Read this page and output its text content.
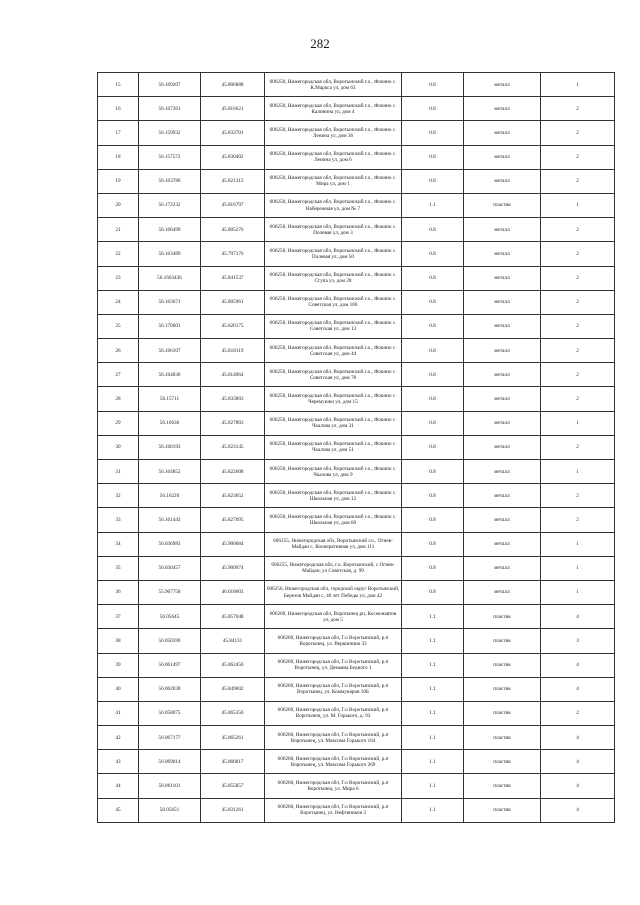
282
15	56.169207	45.806888	606250, Нижегородская обл, Воротынский г.о., Фокино с. К.Маркса ул, дом 63	0.8	металл	1
16	56.167261	45.816621	606250, Нижегородская обл, Воротынский г.о., Фокино с. Калинина ул, дом 4	0.8	металл	2
17	56.159932	45.833701	606250, Нижегородская обл, Воротынский г.о., Фокино с. Ленина ул, дом 36	0.8	металл	2
18	56.157572	45.830402	606250, Нижегородская обл, Воротынский г.о., Фокино с. Ленина ул, дом 6	0.8	металл	2
19	56.163786	45.821312	606250, Нижегородская обл, Воротынский г.о., Фокино с. Мира ул, дом 1	0.8	металл	2
20	56.172232	45.816797	606250, Нижегородская обл, Воротынский г.о., Фокино с. Набережная ул, дом № 7	1.1	пластик	1
21	56.166499	45.805276	606250, Нижегородская обл, Воротынский г.о., Фокино с. Полевая ул, дом 3	0.8	металл	2
22	56.163489	45.797176	606250, Нижегородская обл, Воротынский г.о., Фокино с. Полевая ул, дом 50	0.8	металл	2
23	56.1663436	45.841537	606250, Нижегородская обл, Воротынский г.о., Фокино с. Сгупа ул, дом 28	0.8	металл	2
24	56.163671	45.805961	606250, Нижегородская обл, Воротынский г.о., Фокино с. Советская ул, дом 106	0.8	металл	2
25	56.170601	45.820175	606250, Нижегородская обл, Воротынский г.о., Фокино с. Советская ул, дом 13	0.8	металл	2
26	56.166107	45.818119	606250, Нижегородская обл, Воротынский г.о., Фокино с. Советская ул, дом 44	0.8	металл	2
27	56.164036	45.814064	606250, Нижегородская обл, Воротынский г.о., Фокино с. Советская ул, дом 78	0.8	металл	2
28	56.15711	45.833003	606250, Нижегородская обл, Воротынский г.о., Фокино с. Черемушки ул, дом 15	0.8	металл	2
29	56.16636	45.827803	606250, Нижегородская обл, Воротынский г.о., Фокино с. Чкалова ул, дом 31	0.8	металл	1
30	56.168193	45.823145	606250, Нижегородская обл, Воротынский г.о., Фокино с. Чкалова ул, дом 51	0.8	металл	2
31	56.164852	45.822008	606250, Нижегородская обл, Воротынский г.о., Фокино с. Чкалова ул, дом 9	0.8	металл	1
32	56.16226	45.823652	606250, Нижегородская обл, Воротынский г.о., Фокино с. Школьная ул, дом 12	0.8	металл	2
33	56.161443	45.827095	606250, Нижегородская обл, Воротынский г.о., Фокино с. Школьная ул, дом 60	0.8	металл	2
34	56.036983	45.900684	606255, Нижегородская обл, Воротынский г.о., Огнев-Майдан с, Кооперативная ул, дом 111	0.8	металл	1
35	56.030457	45.900074	606255, Нижегородская обл, г.о. Воротынский, с Огнев-Майдан, ул Советская, д. 99	0.8	металл	1
36	55.967758	46.018603	606256, Нижегородская обл, городской округ Воротынский, Березов Майдан с, 40 лет Победы ул, дом 42	0.8	металл	1
37	56.05645	45.857048	606260, Нижегородская обл, Воротынец рп, Космонавтов ул, дом 5	1.1	пластик	4
38	56.050596	45.84131	606260, Нижегородская обл, Г.о Воротынский, р.п Воротынец, ул. Вершинина 33	1.1	пластик	3
39	56.061497	45.862456	606260, Нижегородская обл, Г.о Воротынский, р.п Воротынец, ул. Демьяна Бедного 1	1.1	пластик	4
40	56.062038	45.849602	606260, Нижегородская обл, Г.о Воротынский, р.п Воротынец, ул. Коммунаров 10Б	1.1	пластик	4
41	56.058075	45.865356	606260, Нижегородская обл, Г.о Воротынский, р.п Воротынец, ул. М. Горького, д. 93	1.1	пластик	2
42	56.067177	45.865261	606260, Нижегородская обл, Г.о Воротынский, р.п Воротынец, ул. Максима Горького 164	1.1	пластик	4
43	56.069014	45.866817	606260, Нижегородская обл, Г.о Воротынский, р.п Воротынец, ул. Максима Горького 269	1.1	пластик	4
44	56.061101	45.855857	606260, Нижегородская обл, Г.о Воротынский, р.п Воротынец, ул. Мира 6	1.1	пластик	4
45	56.05651	45.831261	606260, Нижегородская обл, Г.о Воротынский, р.п Воротынец, ул. Нефтяников 3	1.1	пластик	4
